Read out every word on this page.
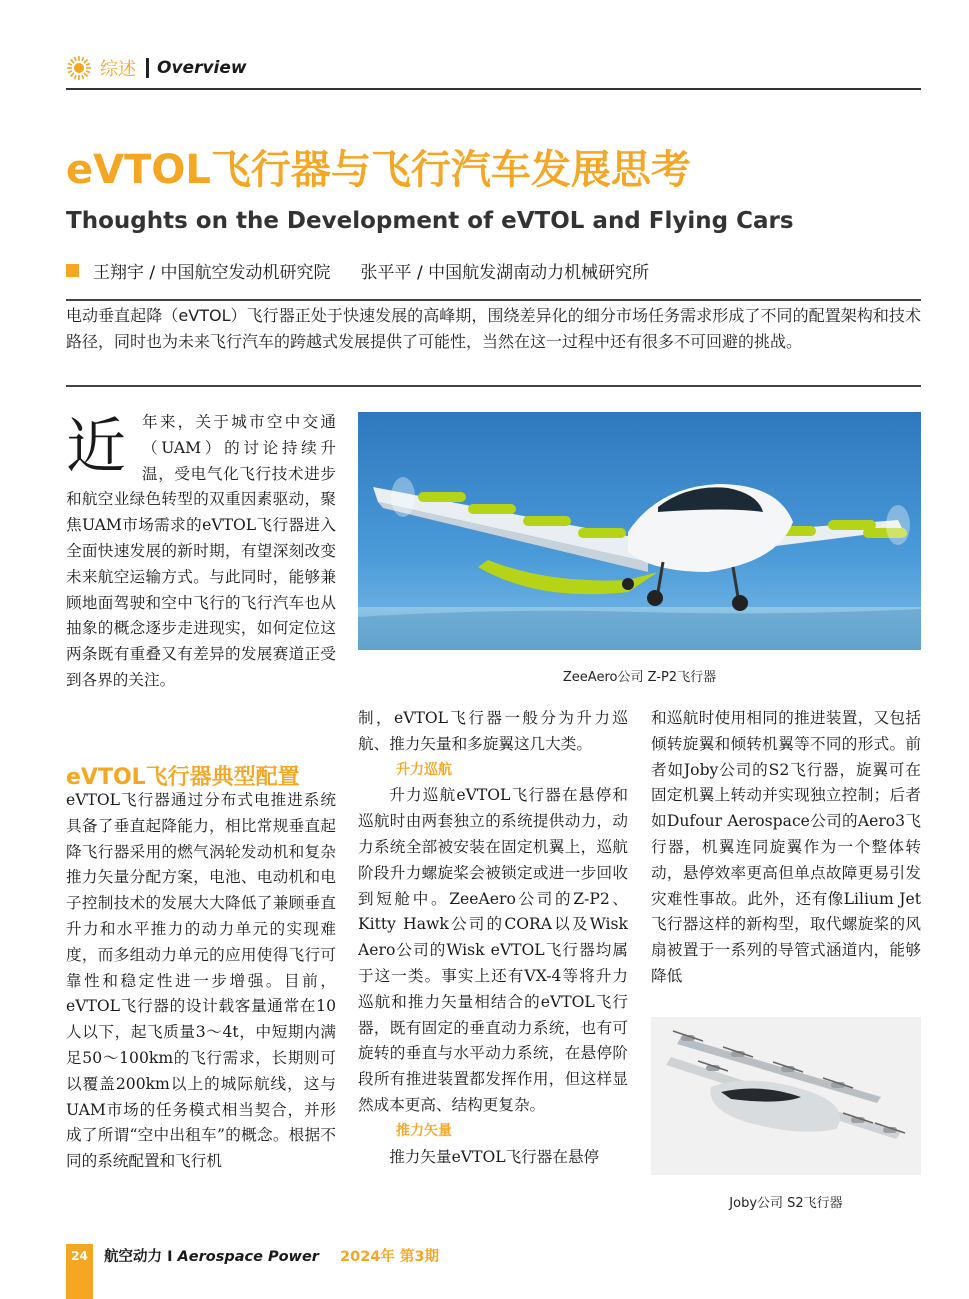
综述 Overview
eVTOL飞行器与飞行汽车发展思考
Thoughts on the Development of eVTOL and Flying Cars
王翔宇 / 中国航空发动机研究院 张平平 / 中国航发湖南动力机械研究所
电动垂直起降（eVTOL）飞行器正处于快速发展的高峰期，围绕差异化的细分市场任务需求形成了不同的配置架构和技术路径，同时也为未来飞行汽车的跨越式发展提供了可能性，当然在这一过程中还有很多不可回避的挑战。
近	年来，关于城市空中交通（UAM）的讨论持续升温，受电气化飞行技术进步和航空业绿色转型的双重因素驱动，聚焦UAM市场需求的eVTOL飞行器进入全面快速发展的新时期，有望深刻改变未来航空运输方式。与此同时，能够兼顾地面驾驶和空中飞行的飞行汽车也从抽象的概念逐步走进现实，如何定位这两条既有重叠又有差异的发展赛道正受到各界的关注。
eVTOL飞行器典型配置

eVTOL飞行器通过分布式电推进系统具备了垂直起降能力，相比常规垂直起降飞行器采用的燃气涡轮发动机和复杂推力矢量分配方案，电池、电动机和电子控制技术的发展大大降低了兼顾垂直升力和水平推力的动力单元的实现难度，而多组动力单元的应用使得飞行可靠性和稳定性进一步增强。目前，eVTOL飞行器的设计载客量通常在10人以下，起飞质量3～4t，中短期内满足50～100km的飞行需求，长期则可以覆盖200km以上的城际航线，这与UAM市场的任务模式相当契合，并形成了所谓“空中出租车”的概念。根据不同的系统配置和飞行机

ZeeAero公司 Z-P2飞行器

制，eVTOL飞行器一般分为升力巡航、推力矢量和多旋翼这几大类。

升力巡航

升力巡航eVTOL飞行器在悬停和巡航时由两套独立的系统提供动力，动力系统全部被安装在固定机翼上，巡航阶段升力螺旋桨会被锁定或进一步回收到短舱中。ZeeAero公司的Z-P2、Kitty Hawk公司的CORA以及Wisk Aero公司的Wisk eVTOL飞行器均属于这一类。事实上还有VX-4等将升力巡航和推力矢量相结合的eVTOL飞行器，既有固定的垂直动力系统，也有可旋转的垂直与水平动力系统，在悬停阶段所有推进装置都发挥作用，但这样显然成本更高、结构更复杂。

推力矢量

推力矢量eVTOL飞行器在悬停

和巡航时使用相同的推进装置，又包括倾转旋翼和倾转机翼等不同的形式。前者如Joby公司的S2飞行器，旋翼可在固定机翼上转动并实现独立控制；后者如Dufour Aerospace公司的Aero3飞行器，机翼连同旋翼作为一个整体转动，悬停效率更高但单点故障更易引发灾难性事故。此外，还有像Lilium Jet飞行器这样的新构型，取代螺旋桨的风扇被置于一系列的导管式涵道内，能够降低

Joby公司 S2飞行器
24	航空动力 I Aerospace Power 2024年 第3期
